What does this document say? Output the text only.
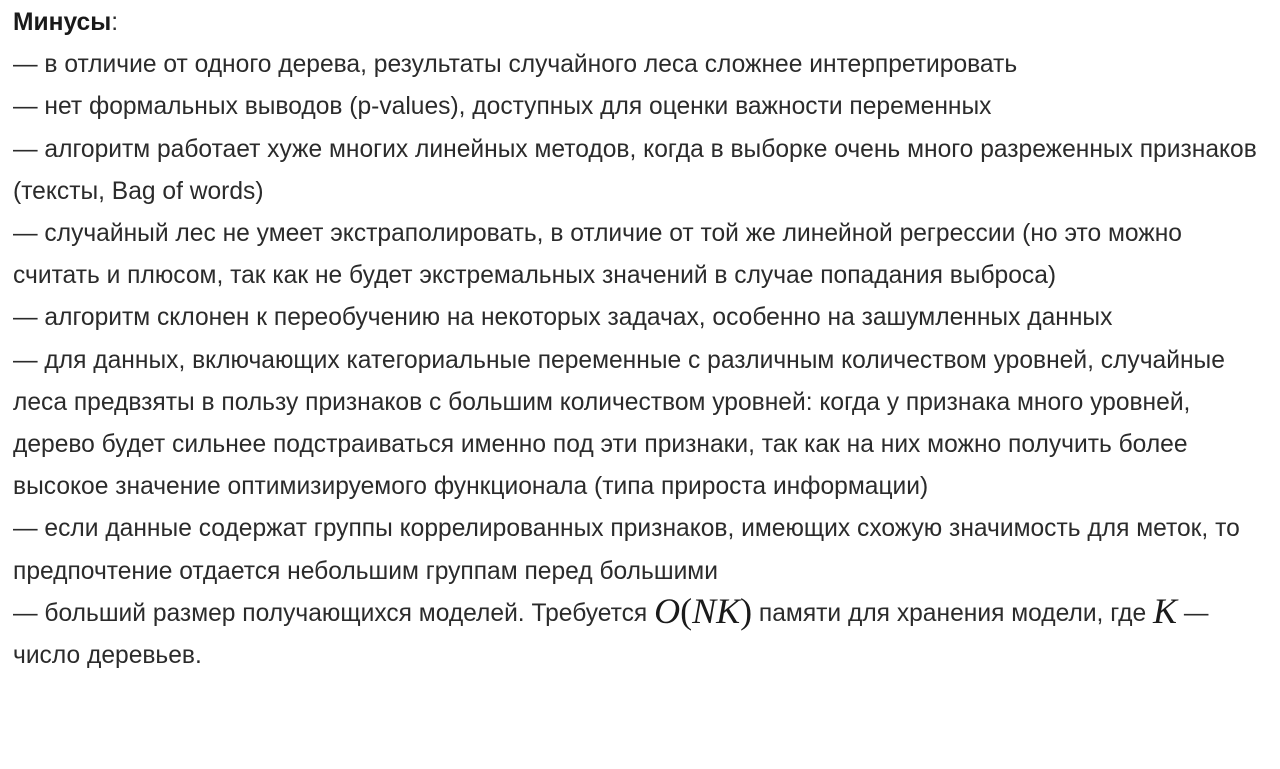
Минусы:
— в отличие от одного дерева, результаты случайного леса сложнее интерпретировать
— нет формальных выводов (p-values), доступных для оценки важности переменных
— алгоритм работает хуже многих линейных методов, когда в выборке очень много разреженных признаков (тексты, Bag of words)
— случайный лес не умеет экстраполировать, в отличие от той же линейной регрессии (но это можно считать и плюсом, так как не будет экстремальных значений в случае попадания выброса)
— алгоритм склонен к переобучению на некоторых задачах, особенно на зашумленных данных
— для данных, включающих категориальные переменные с различным количеством уровней, случайные леса предвзяты в пользу признаков с большим количеством уровней: когда у признака много уровней, дерево будет сильнее подстраиваться именно под эти признаки, так как на них можно получить более высокое значение оптимизируемого функционала (типа прироста информации)
— если данные содержат группы коррелированных признаков, имеющих схожую значимость для меток, то предпочтение отдается небольшим группам перед большими
— больший размер получающихся моделей. Требуется O(NK) памяти для хранения модели, где K — число деревьев.
